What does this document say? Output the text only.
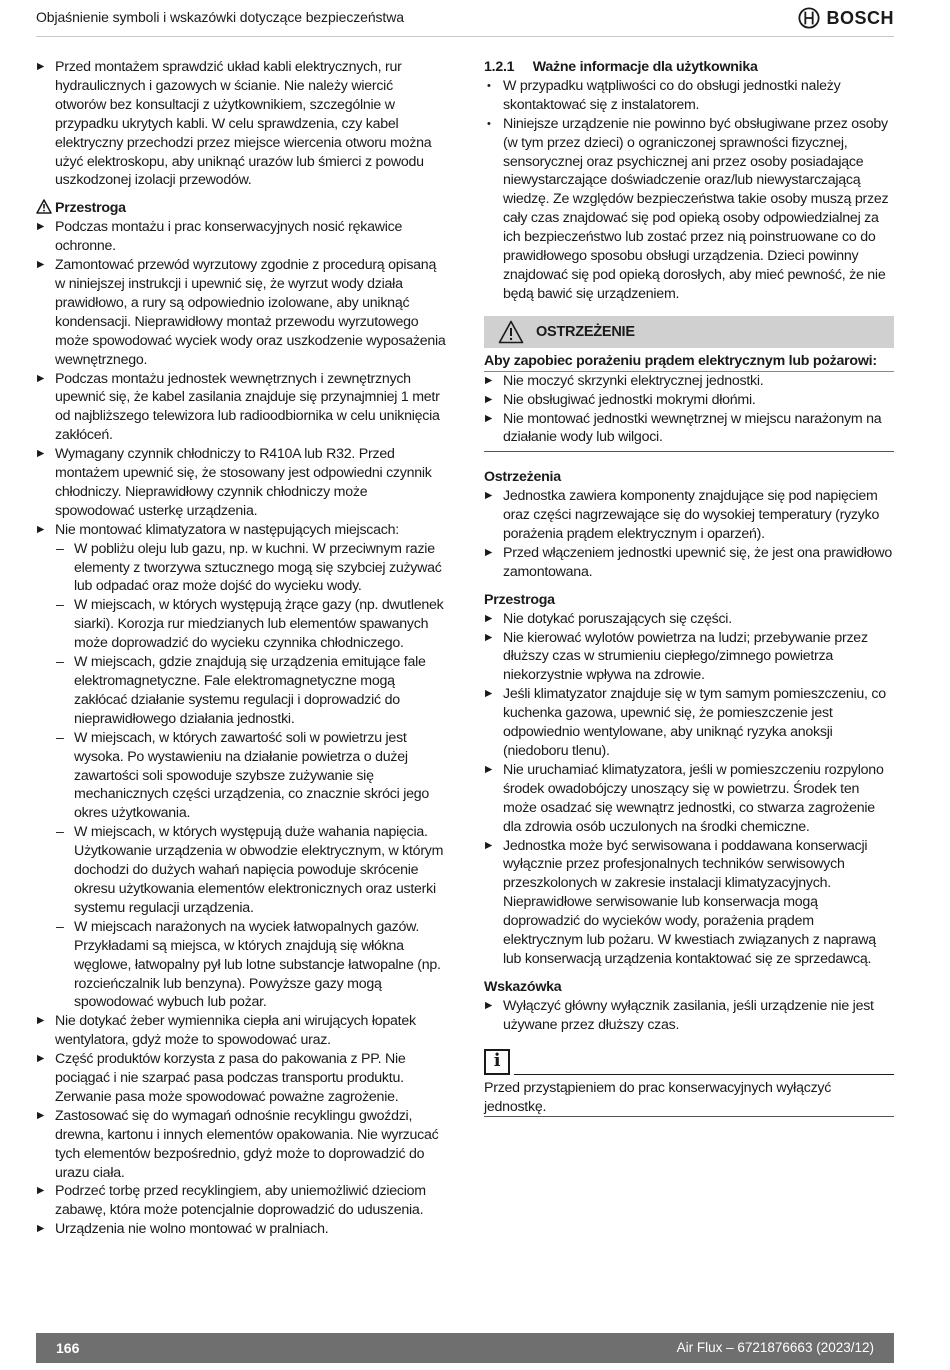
Objaśnienie symboli i wskazówki dotyczące bezpieczeństwa	BOSCH

▶ Przed montażem sprawdzić układ kabli elektrycznych, rur hydraulicznych i gazowych w ścianie. Nie należy wiercić otworów bez konsultacji z użytkownikiem, szczególnie w przypadku ukrytych kabli. W celu sprawdzenia, czy kabel elektryczny przechodzi przez miejsce wiercenia otworu można użyć elektroskopu, aby uniknąć urazów lub śmierci z powodu uszkodzonej izolacji przewodów.

Przestroga

▶ Podczas montażu i prac konserwacyjnych nosić rękawice ochronne.

▶ Zamontować przewód wyrzutowy zgodnie z procedurą opisaną w niniejszej instrukcji i upewnić się, że wyrzut wody działa prawidłowo, a rury są odpowiednio izolowane, aby uniknąć kondensacji. Nieprawidłowy montaż przewodu wyrzutowego może spowodować wyciek wody oraz uszkodzenie wyposażenia wewnętrznego.

▶ Podczas montażu jednostek wewnętrznych i zewnętrznych upewnić się, że kabel zasilania znajduje się przynajmniej 1 metr od najbliższego telewizora lub radioodbiornika w celu uniknięcia zakłóceń.

▶ Wymagany czynnik chłodniczy to R410A lub R32. Przed montażem upewnić się, że stosowany jest odpowiedni czynnik chłodniczy. Nieprawidłowy czynnik chłodniczy może spowodować usterkę urządzenia.

▶ Nie montować klimatyzatora w następujących miejscach:

– W pobliżu oleju lub gazu, np. w kuchni. W przeciwnym razie elementy z tworzywa sztucznego mogą się szybciej zużywać lub odpadać oraz może dojść do wycieku wody.

– W miejscach, w których występują żrące gazy (np. dwutlenek siarki). Korozja rur miedzianych lub elementów spawanych może doprowadzić do wycieku czynnika chłodniczego.

– W miejscach, gdzie znajdują się urządzenia emitujące fale elektromagnetyczne. Fale elektromagnetyczne mogą zakłócać działanie systemu regulacji i doprowadzić do nieprawidłowego działania jednostki.

– W miejscach, w których zawartość soli w powietrzu jest wysoka. Po wystawieniu na działanie powietrza o dużej zawartości soli spowoduje szybsze zużywanie się mechanicznych części urządzenia, co znacznie skróci jego okres użytkowania.

– W miejscach, w których występują duże wahania napięcia. Użytkowanie urządzenia w obwodzie elektrycznym, w którym dochodzi do dużych wahań napięcia powoduje skrócenie okresu użytkowania elementów elektronicznych oraz usterki systemu regulacji urządzenia.

– W miejscach narażonych na wyciek łatwopalnych gazów. Przykładami są miejsca, w których znajdują się włókna węglowe, łatwopalny pył lub lotne substancje łatwopalne (np. rozcieńczalnik lub benzyna). Powyższe gazy mogą spowodować wybuch lub pożar.

▶ Nie dotykać żeber wymiennika ciepła ani wirujących łopatek wentylatora, gdyż może to spowodować uraz.

▶ Część produktów korzysta z pasa do pakowania z PP. Nie pociągać i nie szarpać pasa podczas transportu produktu. Zerwanie pasa może spowodować poważne zagrożenie.

▶ Zastosować się do wymagań odnośnie recyklingu gwoździ, drewna, kartonu i innych elementów opakowania. Nie wyrzucać tych elementów bezpośrednio, gdyż może to doprowadzić do urazu ciała.

▶ Podrzeć torbę przed recyklingiem, aby uniemożliwić dzieciom zabawę, która może potencjalnie doprowadzić do uduszenia.

▶ Urządzenia nie wolno montować w pralniach.

1.2.1 Ważne informacje dla użytkownika

• W przypadku wątpliwości co do obsługi jednostki należy skontaktować się z instalatorem.

• Niniejsze urządzenie nie powinno być obsługiwane przez osoby (w tym przez dzieci) o ograniczonej sprawności fizycznej, sensorycznej oraz psychicznej ani przez osoby posiadające niewystarczające doświadczenie oraz/lub niewystarczającą wiedzę. Ze względów bezpieczeństwa takie osoby muszą przez cały czas znajdować się pod opieką osoby odpowiedzialnej za ich bezpieczeństwo lub zostać przez nią poinstruowane co do prawidłowego sposobu obsługi urządzenia. Dzieci powinny znajdować się pod opieką dorosłych, aby mieć pewność, że nie będą bawić się urządzeniem.

OSTRZEŻENIE

Aby zapobiec porażeniu prądem elektrycznym lub pożarowi:

▶ Nie moczyć skrzynki elektrycznej jednostki.

▶ Nie obsługiwać jednostki mokrymi dłońmi.

▶ Nie montować jednostki wewnętrznej w miejscu narażonym na działanie wody lub wilgoci.

Ostrzeżenia

▶ Jednostka zawiera komponenty znajdujące się pod napięciem oraz części nagrzewające się do wysokiej temperatury (ryzyko porażenia prądem elektrycznym i oparzeń).

▶ Przed włączeniem jednostki upewnić się, że jest ona prawidłowo zamontowana.

Przestroga

▶ Nie dotykać poruszających się części.

▶ Nie kierować wylotów powietrza na ludzi; przebywanie przez dłuższy czas w strumieniu ciepłego/zimnego powietrza niekorzystnie wpływa na zdrowie.

▶ Jeśli klimatyzator znajduje się w tym samym pomieszczeniu, co kuchenka gazowa, upewnić się, że pomieszczenie jest odpowiednio wentylowane, aby uniknąć ryzyka anoksji (niedoboru tlenu).

▶ Nie uruchamiać klimatyzatora, jeśli w pomieszczeniu rozpylono środek owadobójczy unoszący się w powietrzu. Środek ten może osadzać się wewnątrz jednostki, co stwarza zagrożenie dla zdrowia osób uczulonych na środki chemiczne.

▶ Jednostka może być serwisowana i poddawana konserwacji wyłącznie przez profesjonalnych techników serwisowych przeszkolonych w zakresie instalacji klimatyzacyjnych. Nieprawidłowe serwisowanie lub konserwacja mogą doprowadzić do wycieków wody, porażenia prądem elektrycznym lub pożaru. W kwestiach związanych z naprawą lub konserwacją urządzenia kontaktować się ze sprzedawcą.

Wskazówka

▶ Wyłączyć główny wyłącznik zasilania, jeśli urządzenie nie jest używane przez dłuższy czas.

i

Przed przystąpieniem do prac konserwacyjnych wyłączyć jednostkę.

166	Air Flux – 6721876663 (2023/12)
